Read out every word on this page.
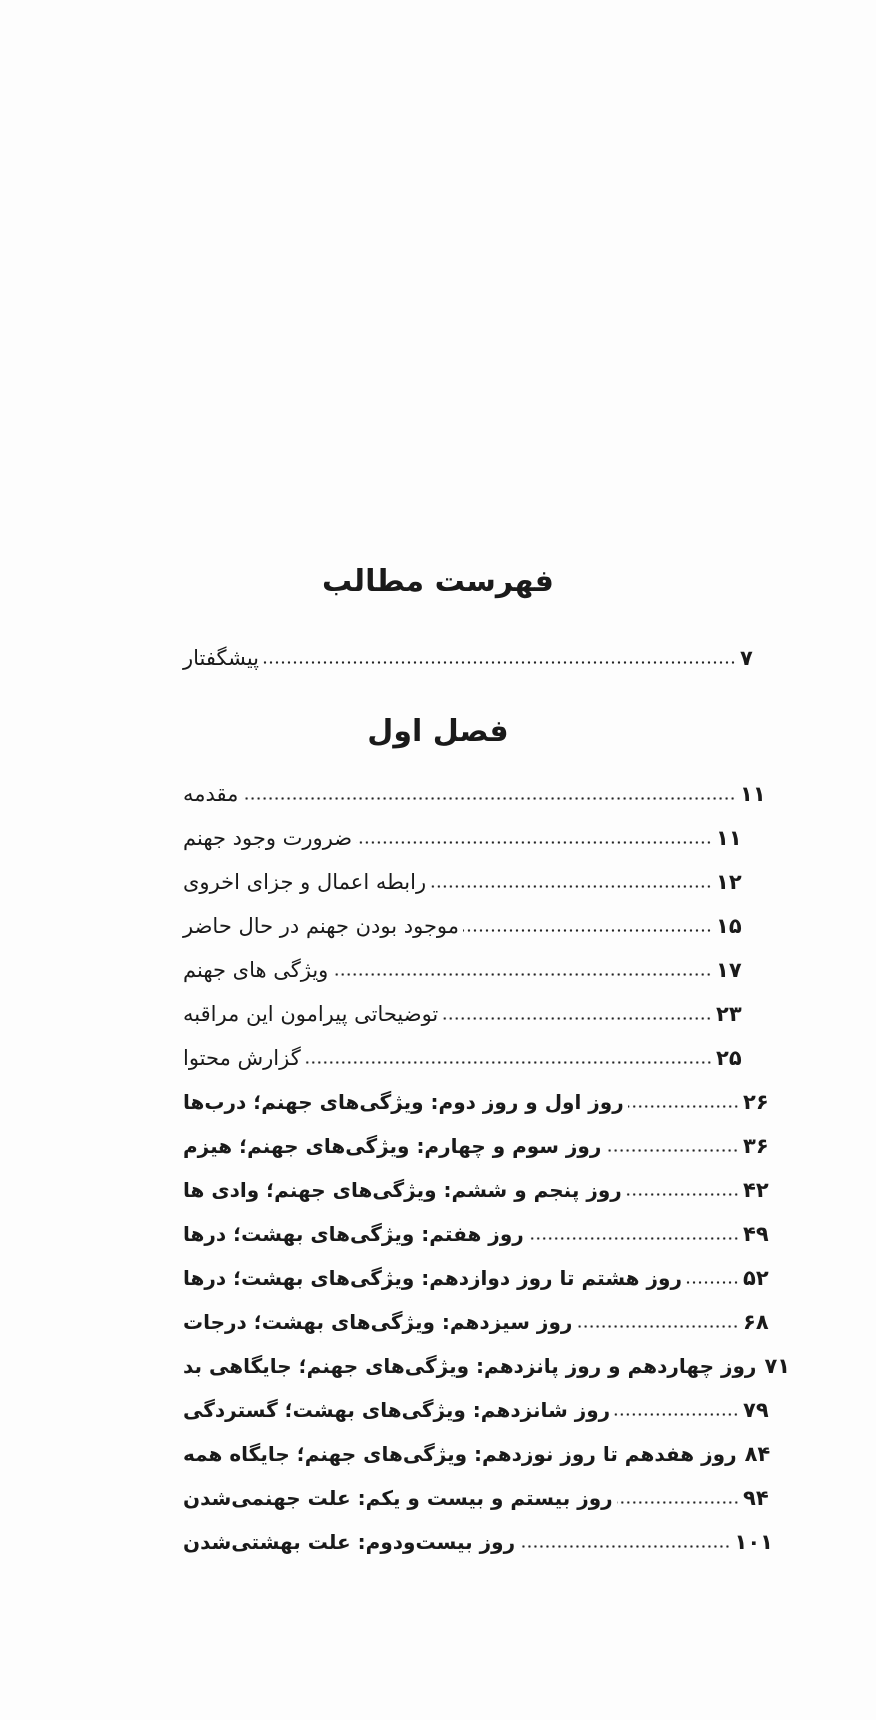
فهرست مطالب
پیشگفتار	۷
فصل اول
مقدمه	۱۱
ضرورت وجود جهنم	۱۱
رابطه اعمال و جزای اخروی	۱۲
موجود بودن جهنم در حال حاضر	۱۵
ویژگی های جهنم	۱۷
توضیحاتی پیرامون این مراقبه	۲۳
گزارش محتوا	۲۵
روز اول و روز دوم: ویژگی‌های جهنم؛ درب‌ها	۲۶
روز سوم و چهارم: ویژگی‌های جهنم؛ هیزم	۳۶
روز پنجم و ششم: ویژگی‌های جهنم؛ وادی ها	۴۲
روز هفتم: ویژگی‌های بهشت؛ درها	۴۹
روز هشتم تا روز دوازدهم: ویژگی‌های بهشت؛ درها	۵۲
روز سیزدهم: ویژگی‌های بهشت؛ درجات	۶۸
روز چهاردهم و روز پانزدهم: ویژگی‌های جهنم؛ جایگاهی بد ۷۱
روز شانزدهم: ویژگی‌های بهشت؛ گستردگی	۷۹
روز هفدهم تا روز نوزدهم: ویژگی‌های جهنم؛ جایگاه همه ۸۴
روز بیستم و بیست و یکم: علت جهنمی‌شدن	۹۴
روز بیست‌ودوم: علت بهشتی‌شدن	۱۰۱
